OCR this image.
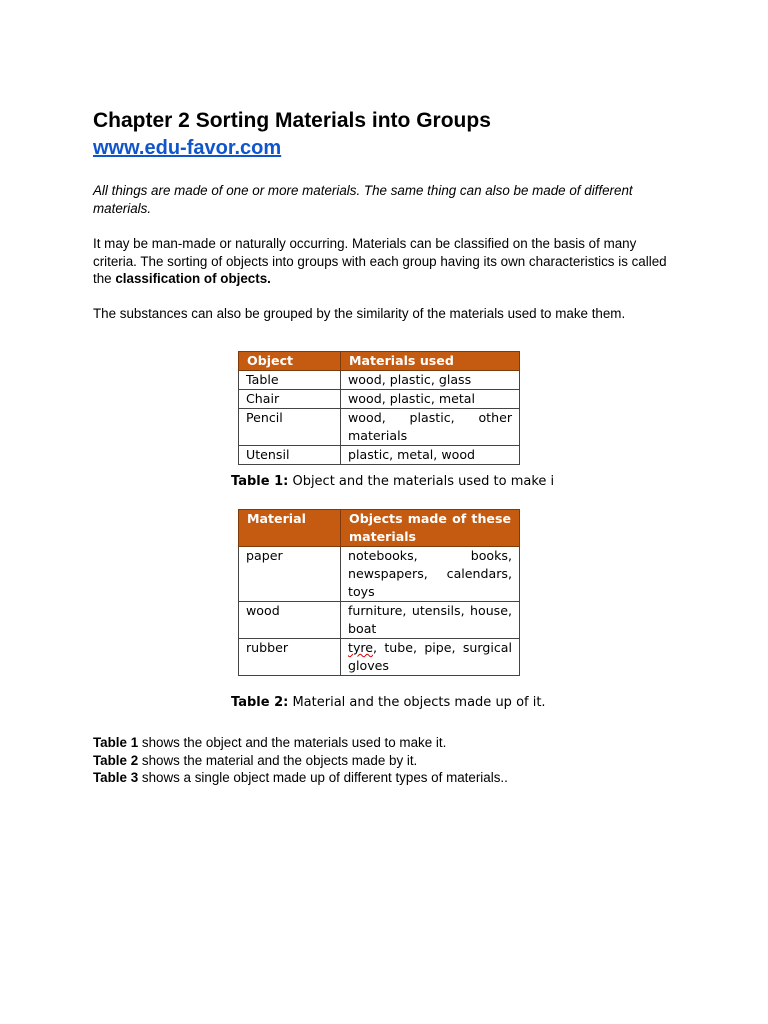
Chapter 2 Sorting Materials into Groups
www.edu-favor.com

All things are made of one or more materials. The same thing can also be made of different materials.

It may be man-made or naturally occurring. Materials can be classified on the basis of many criteria. The sorting of objects into groups with each group having its own characteristics is called the classification of objects.

The substances can also be grouped by the similarity of the materials used to make them.

Object	Materials used
Table	wood, plastic, glass
Chair	wood, plastic, metal
Pencil	wood, plastic, other materials
Utensil	plastic, metal, wood
Table 1: Object and the materials used to make i
Material	Objects made of these materials
paper	notebooks, books, newspapers, calendars, toys
wood	furniture, utensils, house, boat
rubber	tyre, tube, pipe, surgical gloves
Table 2: Material and the objects made up of it.
Table 1 shows the object and the materials used to make it.
Table 2 shows the material and the objects made by it.
Table 3 shows a single object made up of different types of materials..
